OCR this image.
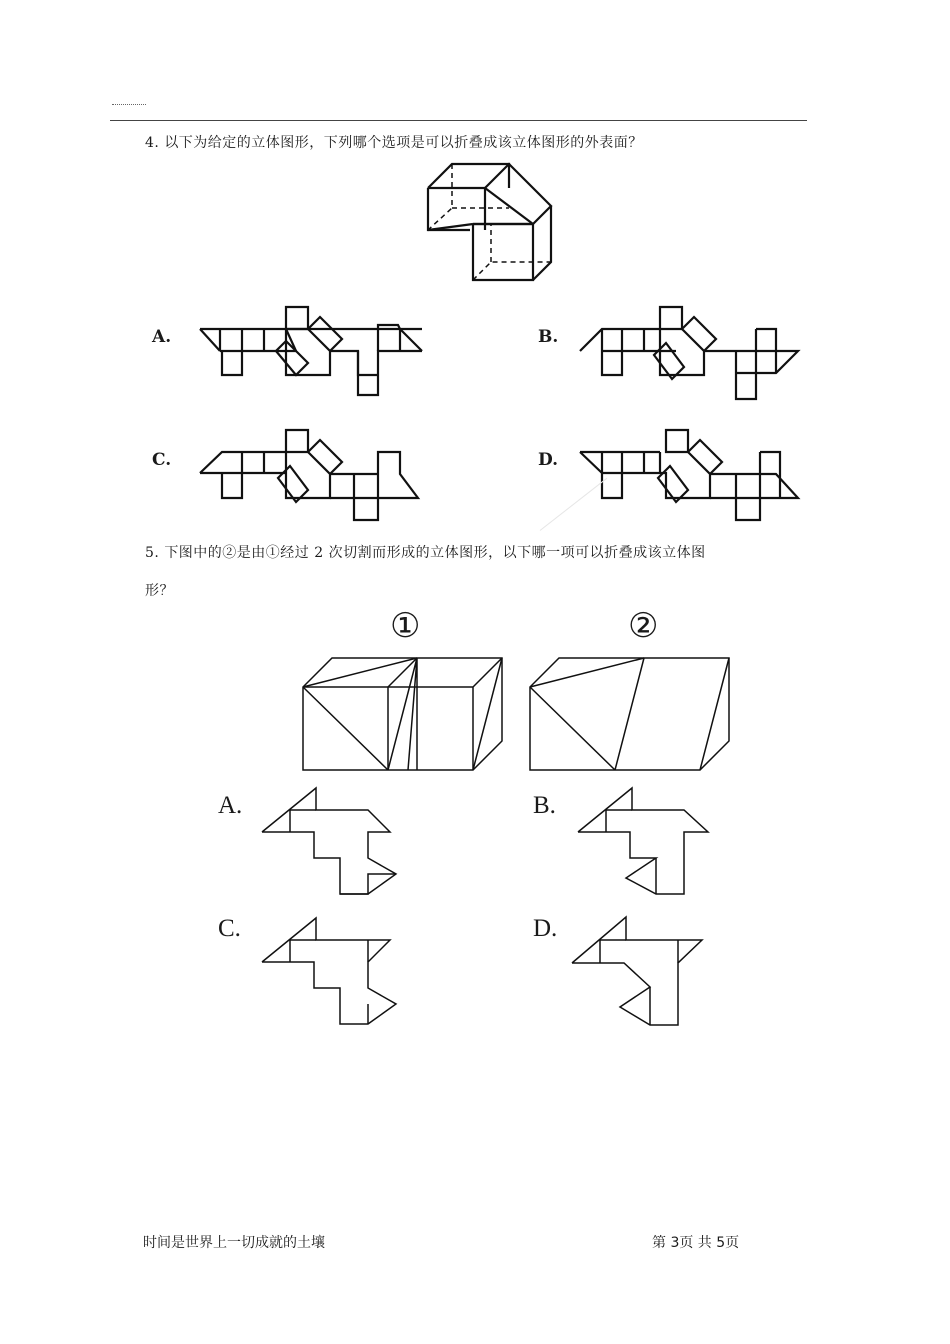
4. 以下为给定的立体图形，下列哪个选项是可以折叠成该立体图形的外表面？
A.	B.
C.	D.
5. 下图中的②是由①经过 2 次切割而形成的立体图形，以下哪一项可以折叠成该立体图
形？
①	②
A.	B.
C.	D.
时间是世界上一切成就的土壤	第 3页 共 5页
